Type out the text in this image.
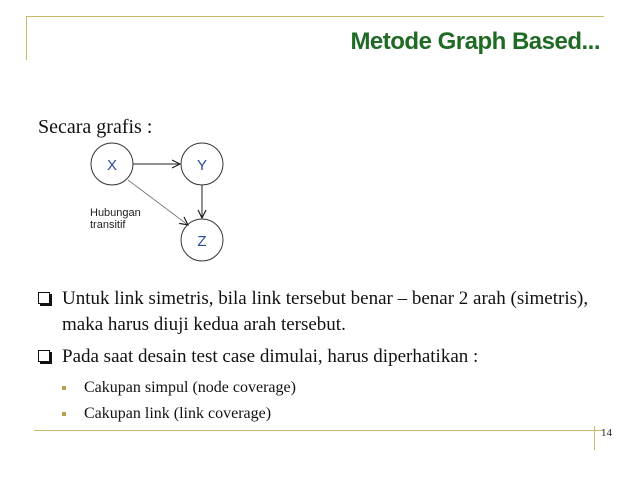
Metode Graph Based...
Secara grafis :
X	Y
Z
Hubungan
transitif
Untuk link simetris, bila link tersebut benar – benar 2 arah (simetris), maka harus diuji kedua arah tersebut.
Pada saat desain test case dimulai, harus diperhatikan :
Cakupan simpul (node coverage)
Cakupan link (link coverage)
14
